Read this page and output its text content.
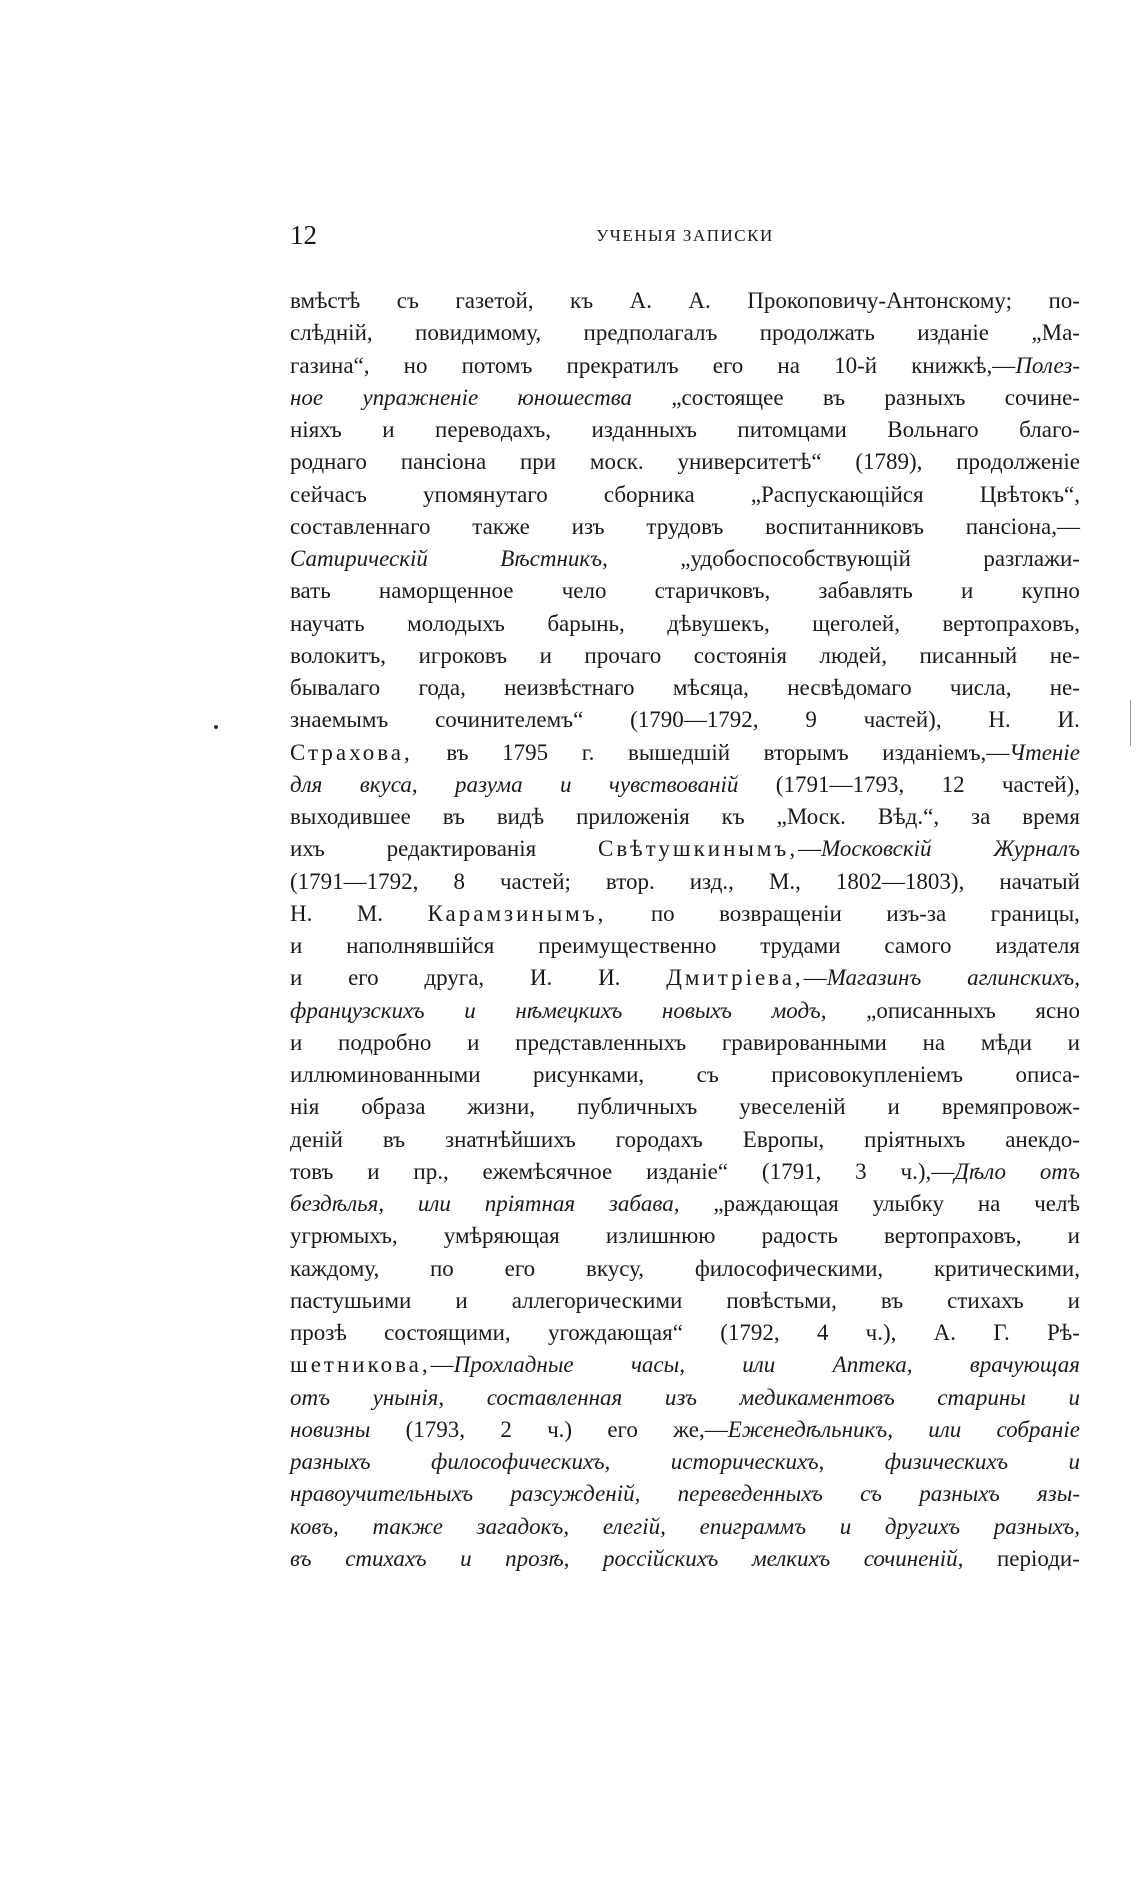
12	УЧЕНЫЯ ЗАПИСКИ
вмѣстѣ съ газетой, къ А. А. Прокоповичу-Антонскому; по-
слѣдній, повидимому, предполагалъ продолжать изданіе „Ма-
газина“, но потомъ прекратилъ его на 10-й книжкѣ,—Полез-
ное упражненіе юношества „состоящее въ разныхъ сочине-
ніяхъ и переводахъ, изданныхъ питомцами Вольнаго благо-
роднаго пансіона при моск. университетѣ“ (1789), продолженіе
сейчасъ упомянутаго сборника „Распускающійся Цвѣтокъ“,
составленнаго также изъ трудовъ воспитанниковъ пансіона,—
Сатирическій	Вѣстникъ,	„удобоспособствующій	разглажи-
вать наморщенное чело старичковъ, забавлять и купно
научать молодыхъ барынь, дѣвушекъ, щеголей, вертопраховъ,
волокитъ, игроковъ и прочаго состоянія людей, писанный не-
бывалаго года, неизвѣстнаго мѣсяца, несвѣдомаго числа, не-
знаемымъ сочинителемъ“ (1790—1792, 9 частей), Н. И.
Страхова, въ 1795 г. вышедшій вторымъ изданіемъ,—Чтеніе
для вкуса, разума и чувствованій (1791—1793, 12 частей),
выходившее въ видѣ приложенія къ „Моск. Вѣд.“, за время
ихъ	редактированія	Свѣтушкинымъ,—Московскій	Журналъ
(1791—1792, 8 частей; втор. изд., М., 1802—1803), начатый
Н. М. Карамзинымъ, по возвращеніи изъ-за границы,
и наполнявшійся преимущественно трудами самого издателя
и его друга, И. И. Дмитріева,—Магазинъ аглинскихъ,
французскихъ и нѣмецкихъ новыхъ модъ, „описанныхъ ясно
и подробно и представленныхъ гравированными на мѣди и
иллюминованными рисунками, съ присовокупленіемъ описа-
нія образа жизни, публичныхъ увеселеній и времяпровож-
деній въ знатнѣйшихъ городахъ Европы, пріятныхъ анекдо-
товъ и пр., ежемѣсячное изданіе“ (1791, 3 ч.),—Дѣло отъ
бездѣлья, или пріятная забава, „раждающая улыбку на челѣ
угрюмыхъ, умѣряющая излишнюю радость вертопраховъ, и
каждому, по его вкусу, философическими, критическими,
пастушьими и аллегорическими повѣстьми, въ стихахъ и
прозѣ состоящими, угождающая“ (1792, 4 ч.), А. Г. Рѣ-
шетникова,—Прохладные часы, или Аптека, врачующая
отъ унынія, составленная изъ медикаментовъ старины и
новизны (1793, 2 ч.) его же,—Еженедѣльникъ, или собраніе
разныхъ	философическихъ,	историческихъ,	физическихъ	и
нравоучительныхъ разсужденій, переведенныхъ съ разныхъ язы-
ковъ, также загадокъ, елегій, епиграммъ и другихъ разныхъ,
въ стихахъ и прозѣ, россійскихъ мелкихъ сочиненій, періоди-
